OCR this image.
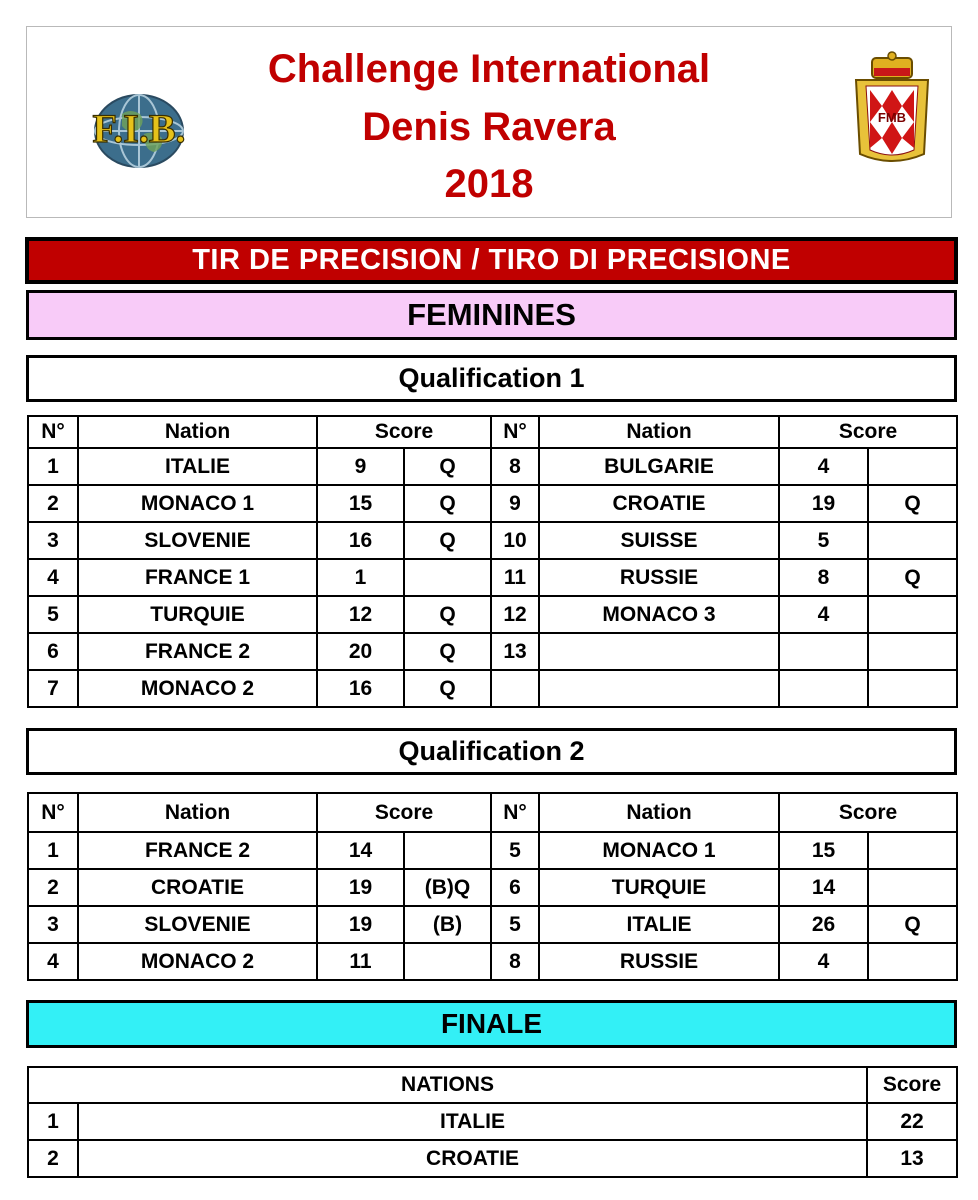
Challenge International
Denis Ravera
2018
F.I.B.	FMB
TIR DE PRECISION / TIRO DI PRECISIONE
FEMININES
Qualification 1
N°	Nation	Score		N°	Nation	Score	
1	ITALIE	9	Q	8	BULGARIE	4	
2	MONACO 1	15	Q	9	CROATIE	19	Q
3	SLOVENIE	16	Q	10	SUISSE	5	
4	FRANCE 1	1		11	RUSSIE	8	Q
5	TURQUIE	12	Q	12	MONACO 3	4	
6	FRANCE 2	20	Q	13			
7	MONACO 2	16	Q				
Qualification 2
N°	Nation	Score		N°	Nation	Score	
1	FRANCE 2	14		5	MONACO 1	15	
2	CROATIE	19	(B)Q	6	TURQUIE	14	
3	SLOVENIE	19	(B)	5	ITALIE	26	Q
4	MONACO 2	11		8	RUSSIE	4	
FINALE
NATIONS		Score
1	ITALIE	22
2	CROATIE	13
